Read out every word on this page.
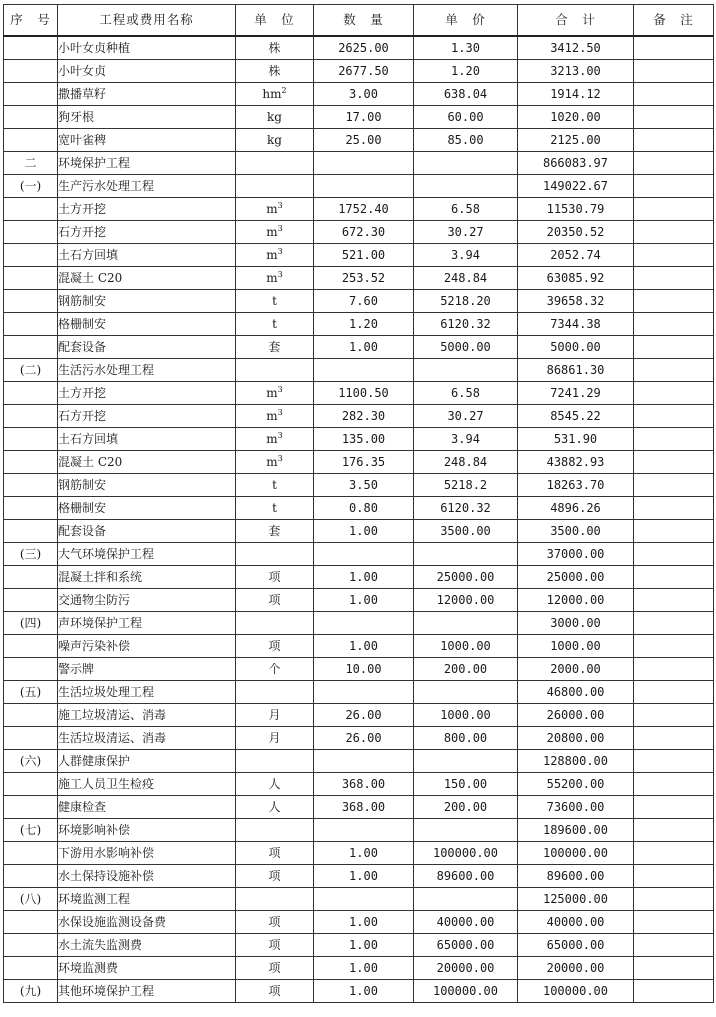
序　号	工程或费用名称	单　位	数　量	单　价	合　计	备　注
	小叶女贞种植	株	2625.00	1.30	3412.50	
	小叶女贞	株	2677.50	1.20	3213.00	
	撒播草籽	$hm^2$	3.00	638.04	1914.12	
	狗牙根	kg	17.00	60.00	1020.00	
	宽叶雀稗	kg	25.00	85.00	2125.00	
二	环境保护工程				866083.97	
(一)	生产污水处理工程				149022.67	
	土方开挖	$m^3$	1752.40	6.58	11530.79	
	石方开挖	$m^3$	672.30	30.27	20350.52	
	土石方回填	$m^3$	521.00	3.94	2052.74	
	混凝土 C20	$m^3$	253.52	248.84	63085.92	
	钢筋制安	t	7.60	5218.20	39658.32	
	格栅制安	t	1.20	6120.32	7344.38	
	配套设备	套	1.00	5000.00	5000.00	
(二)	生活污水处理工程				86861.30	
	土方开挖	$m^3$	1100.50	6.58	7241.29	
	石方开挖	$m^3$	282.30	30.27	8545.22	
	土石方回填	$m^3$	135.00	3.94	531.90	
	混凝土 C20	$m^3$	176.35	248.84	43882.93	
	钢筋制安	t	3.50	5218.2	18263.70	
	格栅制安	t	0.80	6120.32	4896.26	
	配套设备	套	1.00	3500.00	3500.00	
(三)	大气环境保护工程				37000.00	
	混凝土拌和系统	项	1.00	25000.00	25000.00	
	交通物尘防污	项	1.00	12000.00	12000.00	
(四)	声环境保护工程				3000.00	
	噪声污染补偿	项	1.00	1000.00	1000.00	
	警示牌	个	10.00	200.00	2000.00	
(五)	生活垃圾处理工程				46800.00	
	施工垃圾清运、消毒	月	26.00	1000.00	26000.00	
	生活垃圾清运、消毒	月	26.00	800.00	20800.00	
(六)	人群健康保护				128800.00	
	施工人员卫生检疫	人	368.00	150.00	55200.00	
	健康检查	人	368.00	200.00	73600.00	
(七)	环境影响补偿				189600.00	
	下游用水影响补偿	项	1.00	100000.00	100000.00	
	水土保持设施补偿	项	1.00	89600.00	89600.00	
(八)	环境监测工程				125000.00	
	水保设施监测设备费	项	1.00	40000.00	40000.00	
	水土流失监测费	项	1.00	65000.00	65000.00	
	环境监测费	项	1.00	20000.00	20000.00	
(九)	其他环境保护工程	项	1.00	100000.00	100000.00	
